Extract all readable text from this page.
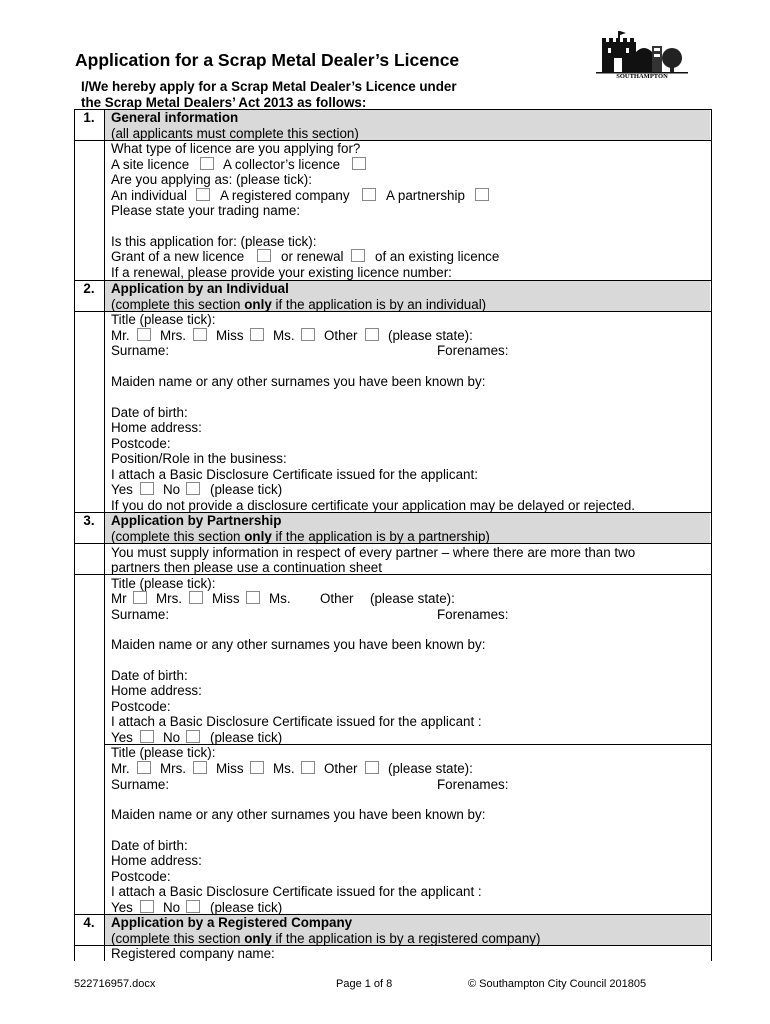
Application for a Scrap Metal Dealer’s Licence
SOUTHAMPTON
I/We hereby apply for a Scrap Metal Dealer’s Licence under
the Scrap Metal Dealers’ Act 2013 as follows:
1.	General information
(all applicants must complete this section)
What type of licence are you applying for?
A site licence	A collector’s licence
Are you applying as: (please tick):
An individual A registered company	A partnership
Please state your trading name:
Is this application for: (please tick):
Grant of a new licence	or renewal of an existing licence
If a renewal, please provide your existing licence number:
2.	Application by an Individual
(complete this section only if the application is by an individual)
Title (please tick):
Mr. Mrs. Miss Ms. Other (please state):
Surname:	Forenames:
Maiden name or any other surnames you have been known by:
Date of birth:
Home address:
Postcode:
Position/Role in the business:
I attach a Basic Disclosure Certificate issued for the applicant:
Yes No (please tick)
If you do not provide a disclosure certificate your application may be delayed or rejected.
3.	Application by Partnership
(complete this section only if the application is by a partnership)
You must supply information in respect of every partner – where there are more than two
partners then please use a continuation sheet
Title (please tick):
Mr Mrs. Miss Ms. Other (please state):
Surname:	Forenames:
Maiden name or any other surnames you have been known by:
Date of birth:
Home address:
Postcode:
I attach a Basic Disclosure Certificate issued for the applicant :
Yes No (please tick)
Title (please tick):
Mr. Mrs. Miss Ms. Other (please state):
Surname:	Forenames:
Maiden name or any other surnames you have been known by:
Date of birth:
Home address:
Postcode:
I attach a Basic Disclosure Certificate issued for the applicant :
Yes No (please tick)
4.	Application by a Registered Company
(complete this section only if the application is by a registered company)
Registered company name:
522716957.docx	Page 1 of 8	© Southampton City Council 201805
